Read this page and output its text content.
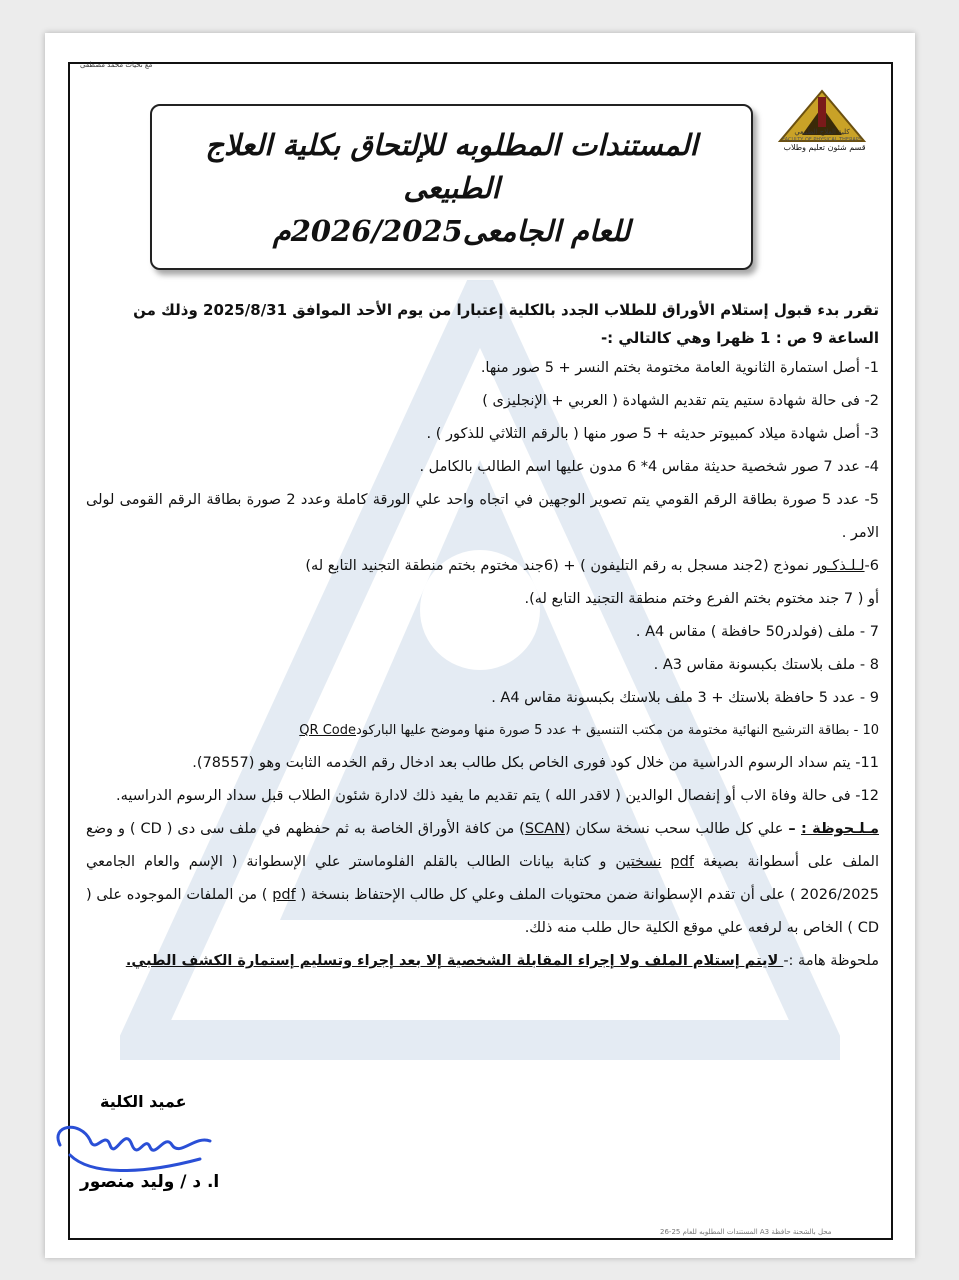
مع تحيات محمد مصطفى
كلية العلاج الطبيعي
FACULTY OF PHYSICAL THERAPY
قسم شئون تعليم وطلاب
المستندات المطلوبه للإلتحاق بكلية العلاج
الطبيعى
للعام الجامعى2026/2025م
تقرر بدء قبول إستلام الأوراق للطلاب الجدد بالكلية إعتبارا من يوم الأحد الموافق 2025/8/31 وذلك من
الساعة 9 ص : 1 ظهرا وهي كالتالي :-
1- أصل استمارة الثانوية العامة مختومة بختم النسر + 5 صور منها.
2- فى حالة شهادة ستيم يتم تقديم الشهادة ( العربي + الإنجليزى )
3- أصل شهادة ميلاد كمبيوتر حديثه + 5 صور منها ( بالرقم الثلاثي للذكور ) .
4- عدد 7 صور شخصية حديثة مقاس 4* 6 مدون عليها اسم الطالب بالكامل .
5- عدد 5 صورة بطاقة الرقم القومي يتم تصوير الوجهين في اتجاه واحد علي الورقة كاملة وعدد 2 صورة بطاقة الرقم القومى لولى الامر .
6-لـلـذكـور نموذج (2جند مسجل به رقم التليفون ) + (6جند مختوم بختم منطقة التجنيد التابع له)
أو ( 7 جند مختوم بختم الفرع وختم منطقة التجنيد التابع له).
7 - ملف (فولدر50 حافظة ) مقاس A4 .
8 - ملف بلاستك بكبسونة مقاس A3 .
9 - عدد 5 حافظة بلاستك + 3 ملف بلاستك بكبسونة مقاس A4 .
10 - بطاقة الترشيح النهائية مختومة من مكتب التنسيق + عدد 5 صورة منها وموضح عليها الباركودQR Code
11- يتم سداد الرسوم الدراسية من خلال كود فورى الخاص بكل طالب بعد ادخال رقم الخدمه الثابت وهو (78557).
12- فى حالة وفاة الاب أو إنفصال الوالدين ( لاقدر الله ) يتم تقديم ما يفيد ذلك لادارة شئون الطلاب قبل سداد الرسوم الدراسيه.
مـلـحوظة : – علي كل طالب سحب نسخة سكان (SCAN) من كافة الأوراق الخاصة به ثم حفظهم في ملف سى دى ( CD ) و وضع الملف على أسطوانة بصيغة pdf نسختين و كتابة بيانات الطالب بالقلم الفلوماستر علي الإسطوانة ( الإسم والعام الجامعي 2026/2025 ) على أن تقدم الإسطوانة ضمن محتويات الملف وعلي كل طالب الإحتفاظ بنسخة ( pdf ) من الملفات الموجوده على ( CD ) الخاص به لرفعه علي موقع الكلية حال طلب منه ذلك.
ملحوظة هامة :- لايتم إستلام الملف ولا إجراء المقابلة الشخصية إلا بعد إجراء وتسليم إستمارة الكشف الطبي.
عميد الكلية
ا. د / وليد منصور
محل بالشحنة حافظة A3 المستندات المطلوبه للعام 25-26
